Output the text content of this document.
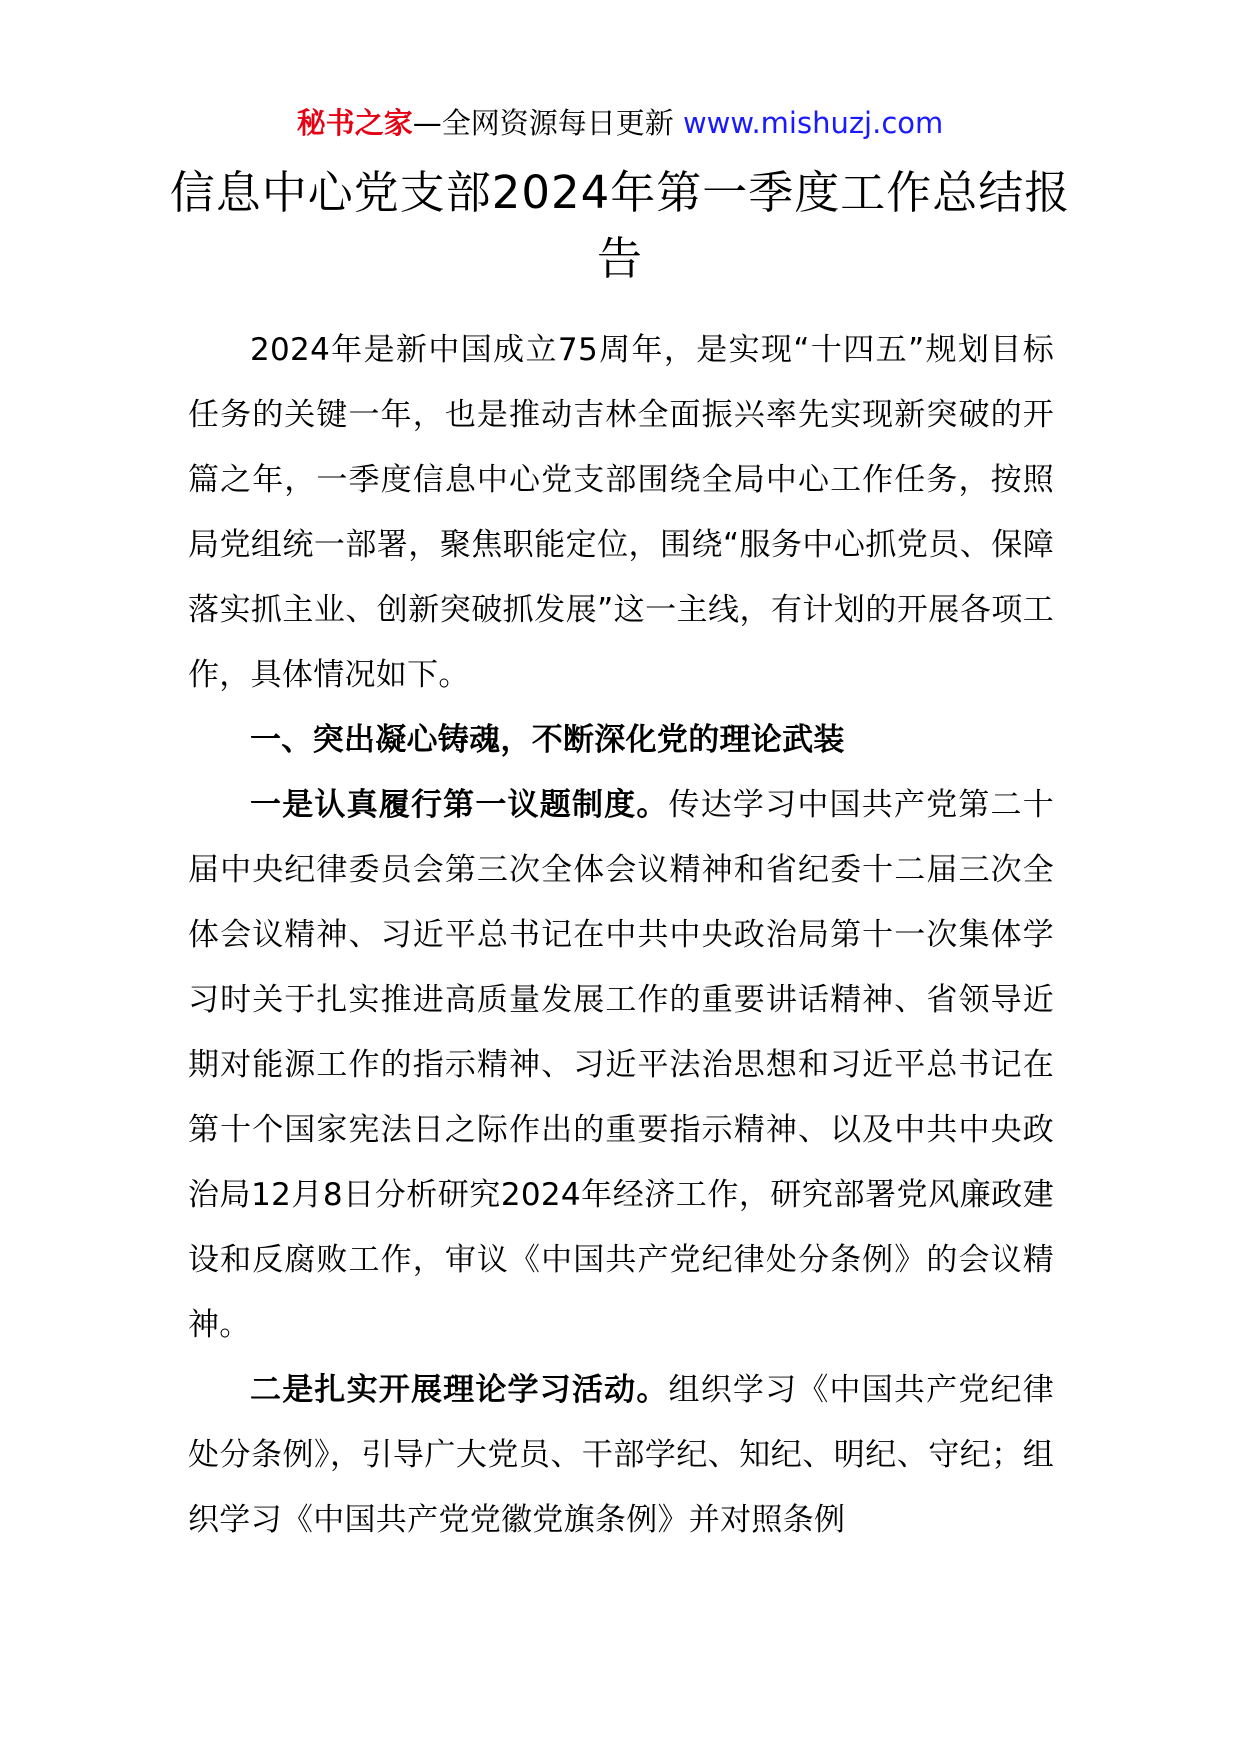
秘书之家—全网资源每日更新 www.mishuzj.com
信息中心党支部2024年第一季度工作总结报告

2024年是新中国成立75周年，是实现“十四五”规划目标任务的关键一年，也是推动吉林全面振兴率先实现新突破的开篇之年，一季度信息中心党支部围绕全局中心工作任务，按照局党组统一部署，聚焦职能定位，围绕“服务中心抓党员、保障落实抓主业、创新突破抓发展”这一主线，有计划的开展各项工作，具体情况如下。

一、突出凝心铸魂，不断深化党的理论武装

一是认真履行第一议题制度。传达学习中国共产党第二十届中央纪律委员会第三次全体会议精神和省纪委十二届三次全体会议精神、习近平总书记在中共中央政治局第十一次集体学习时关于扎实推进高质量发展工作的重要讲话精神、省领导近期对能源工作的指示精神、习近平法治思想和习近平总书记在第十个国家宪法日之际作出的重要指示精神、以及中共中央政治局12月8日分析研究2024年经济工作，研究部署党风廉政建设和反腐败工作，审议《中国共产党纪律处分条例》的会议精神。

二是扎实开展理论学习活动。组织学习《中国共产党纪律处分条例》，引导广大党员、干部学纪、知纪、明纪、守纪；组织学习《中国共产党党徽党旗条例》并对照条例
